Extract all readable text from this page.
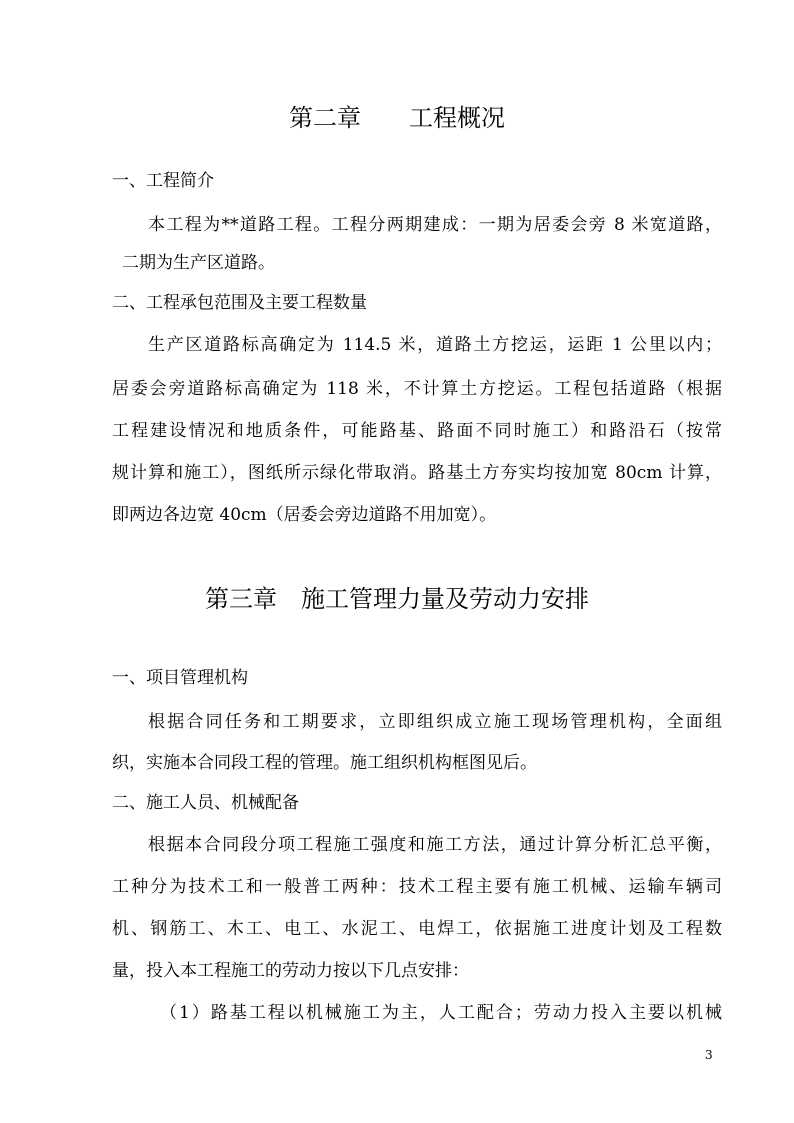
第二章　　工程概况
一、工程简介
本工程为**道路工程。工程分两期建成：一期为居委会旁 8 米宽道路，
二期为生产区道路。
二、工程承包范围及主要工程数量
生产区道路标高确定为 114.5 米，道路土方挖运，运距 1 公里以内；
居委会旁道路标高确定为 118 米，不计算土方挖运。工程包括道路（根据
工程建设情况和地质条件，可能路基、路面不同时施工）和路沿石（按常
规计算和施工），图纸所示绿化带取消。路基土方夯实均按加宽 80cm 计算，
即两边各边宽 40cm（居委会旁边道路不用加宽）。
第三章　施工管理力量及劳动力安排
一、项目管理机构
根据合同任务和工期要求，立即组织成立施工现场管理机构，全面组
织，实施本合同段工程的管理。施工组织机构框图见后。
二、施工人员、机械配备
根据本合同段分项工程施工强度和施工方法，通过计算分析汇总平衡，
工种分为技术工和一般普工两种：技术工程主要有施工机械、运输车辆司
机、钢筋工、木工、电工、水泥工、电焊工，依据施工进度计划及工程数
量，投入本工程施工的劳动力按以下几点安排：
（1）路基工程以机械施工为主，人工配合；劳动力投入主要以机械
3
